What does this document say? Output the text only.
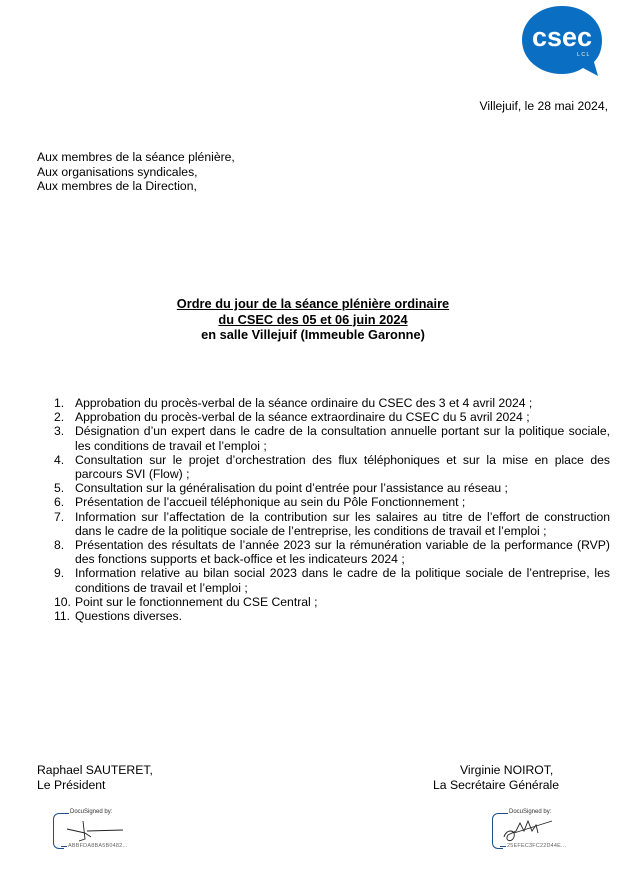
csec
LCL
Villejuif, le 28 mai 2024,
Aux membres de la séance plénière,
Aux organisations syndicales,
Aux membres de la Direction,
Ordre du jour de la séance plénière ordinaire
du CSEC des 05 et 06 juin 2024
en salle Villejuif (Immeuble Garonne)
1. Approbation du procès-verbal de la séance ordinaire du CSEC des 3 et 4 avril 2024 ;
2. Approbation du procès-verbal de la séance extraordinaire du CSEC du 5 avril 2024 ;
3. Désignation d’un expert dans le cadre de la consultation annuelle portant sur la politique sociale, les conditions de travail et l’emploi ;
4. Consultation sur le projet d’orchestration des flux téléphoniques et sur la mise en place des parcours SVI (Flow) ;
5. Consultation sur la généralisation du point d’entrée pour l’assistance au réseau ;
6. Présentation de l’accueil téléphonique au sein du Pôle Fonctionnement ;
7. Information sur l’affectation de la contribution sur les salaires au titre de l’effort de construction dans le cadre de la politique sociale de l’entreprise, les conditions de travail et l’emploi ;
8. Présentation des résultats de l’année 2023 sur la rémunération variable de la performance (RVP) des fonctions supports et back-office et les indicateurs 2024 ;
9. Information relative au bilan social 2023 dans le cadre de la politique sociale de l’entreprise, les conditions de travail et l’emploi ;
10. Point sur le fonctionnement du CSE Central ;
11. Questions diverses.
Raphael SAUTERET,
Le Président
DocuSigned by:
ABBFDA8BA5B0482...
Virginie NOIROT,
La Secrétaire Générale
DocuSigned by:
25EFEC3FC22D44E...
